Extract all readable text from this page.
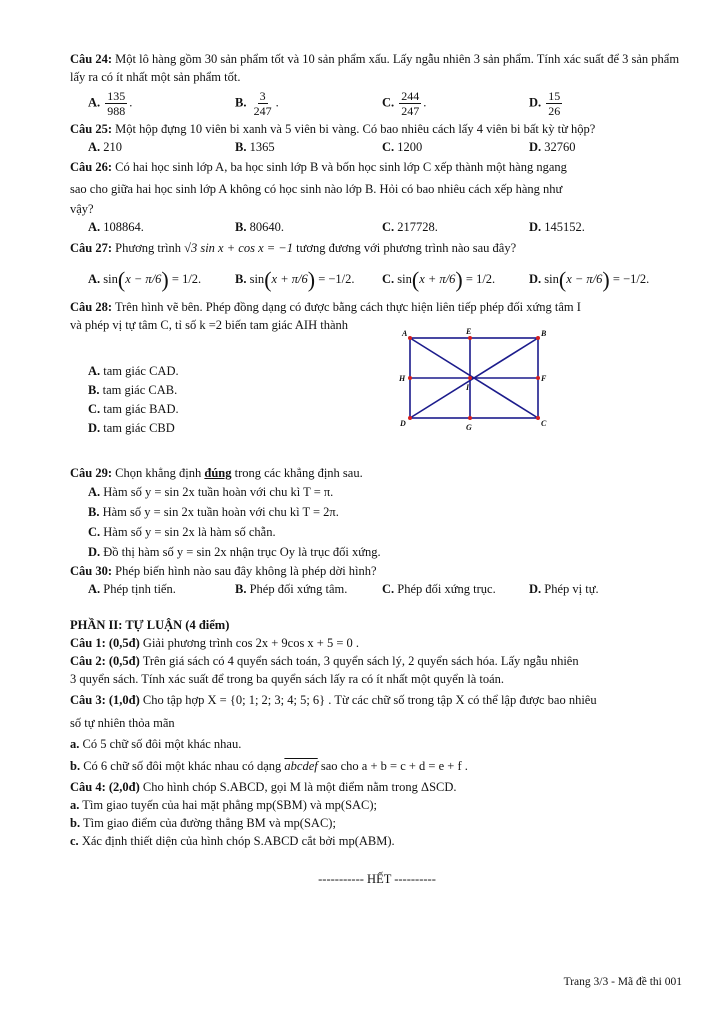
Câu 24: Một lô hàng gồm 30 sản phẩm tốt và 10 sản phẩm xấu. Lấy ngẫu nhiên 3 sản phẩm. Tính xác suất để 3 sản phẩm lấy ra có ít nhất một sản phẩm tốt.

A. $\frac{135}{988}$ .	B. $\frac{3}{247}$ .	C. $\frac{244}{247}$ .	D. $\frac{15}{26}$

Câu 25: Một hộp đựng 10 viên bi xanh và 5 viên bi vàng. Có bao nhiêu cách lấy 4 viên bi bất kỳ từ hộp?

A. 210	B. 1365	C. 1200	D. 32760

Câu 26: Có hai học sinh lớp A, ba học sinh lớp B và bốn học sinh lớp C xếp thành một hàng ngang

sao cho giữa hai học sinh lớp A không có học sinh nào lớp B. Hỏi có bao nhiêu cách xếp hàng như

vậy?

A. 108864.	B. 80640.	C. 217728.	D. 145152.

Câu 27: Phương trình √3 sin x + cos x = −1 tương đương với phương trình nào sau đây?

A. sin(x − π/6) = 1/2.	B. sin(x + π/6) = −1/2.	C. sin(x + π/6) = 1/2.	D. sin(x − π/6) = −1/2.

Câu 28: Trên hình vẽ bên. Phép đồng dạng có được bằng cách thực hiện liên tiếp phép đối xứng tâm I

và phép vị tự tâm C, tỉ số k =2 biến tam giác AIH thành

A. tam giác CAD.
B. tam giác CAB.
C. tam giác BAD.
D. tam giác CBD
A	E	B
H
I
F
D	G	C

Câu 29: Chọn khẳng định đúng trong các khẳng định sau.

A. Hàm số y = sin 2x tuần hoàn với chu kì T = π.
B. Hàm số y = sin 2x tuần hoàn với chu kì T = 2π.
C. Hàm số y = sin 2x là hàm số chẵn.
D. Đồ thị hàm số y = sin 2x nhận trục Oy là trục đối xứng.

Câu 30: Phép biến hình nào sau đây không là phép dời hình?

A. Phép tịnh tiến.	B. Phép đối xứng tâm.	C. Phép đối xứng trục.	D. Phép vị tự.

PHẦN II: TỰ LUẬN (4 điểm)

Câu 1: (0,5đ) Giải phương trình cos 2x + 9cos x + 5 = 0 .

Câu 2: (0,5đ) Trên giá sách có 4 quyển sách toán, 3 quyển sách lý, 2 quyển sách hóa. Lấy ngẫu nhiên

3 quyển sách. Tính xác suất để trong ba quyển sách lấy ra có ít nhất một quyển là toán.

Câu 3: (1,0đ) Cho tập hợp X = {0; 1; 2; 3; 4; 5; 6} . Từ các chữ số trong tập X có thể lập được bao nhiêu

số tự nhiên thỏa mãn

a. Có 5 chữ số đôi một khác nhau.

b. Có 6 chữ số đôi một khác nhau có dạng abcdef sao cho a + b = c + d = e + f .

Câu 4: (2,0đ) Cho hình chóp S.ABCD, gọi M là một điểm nằm trong ΔSCD.

a. Tìm giao tuyến của hai mặt phẳng mp(SBM) và mp(SAC);

b. Tìm giao điểm của đường thẳng BM và mp(SAC);

c. Xác định thiết diện của hình chóp S.ABCD cắt bởi mp(ABM).

----------- HẾT ----------

Trang 3/3 - Mã đề thi 001
